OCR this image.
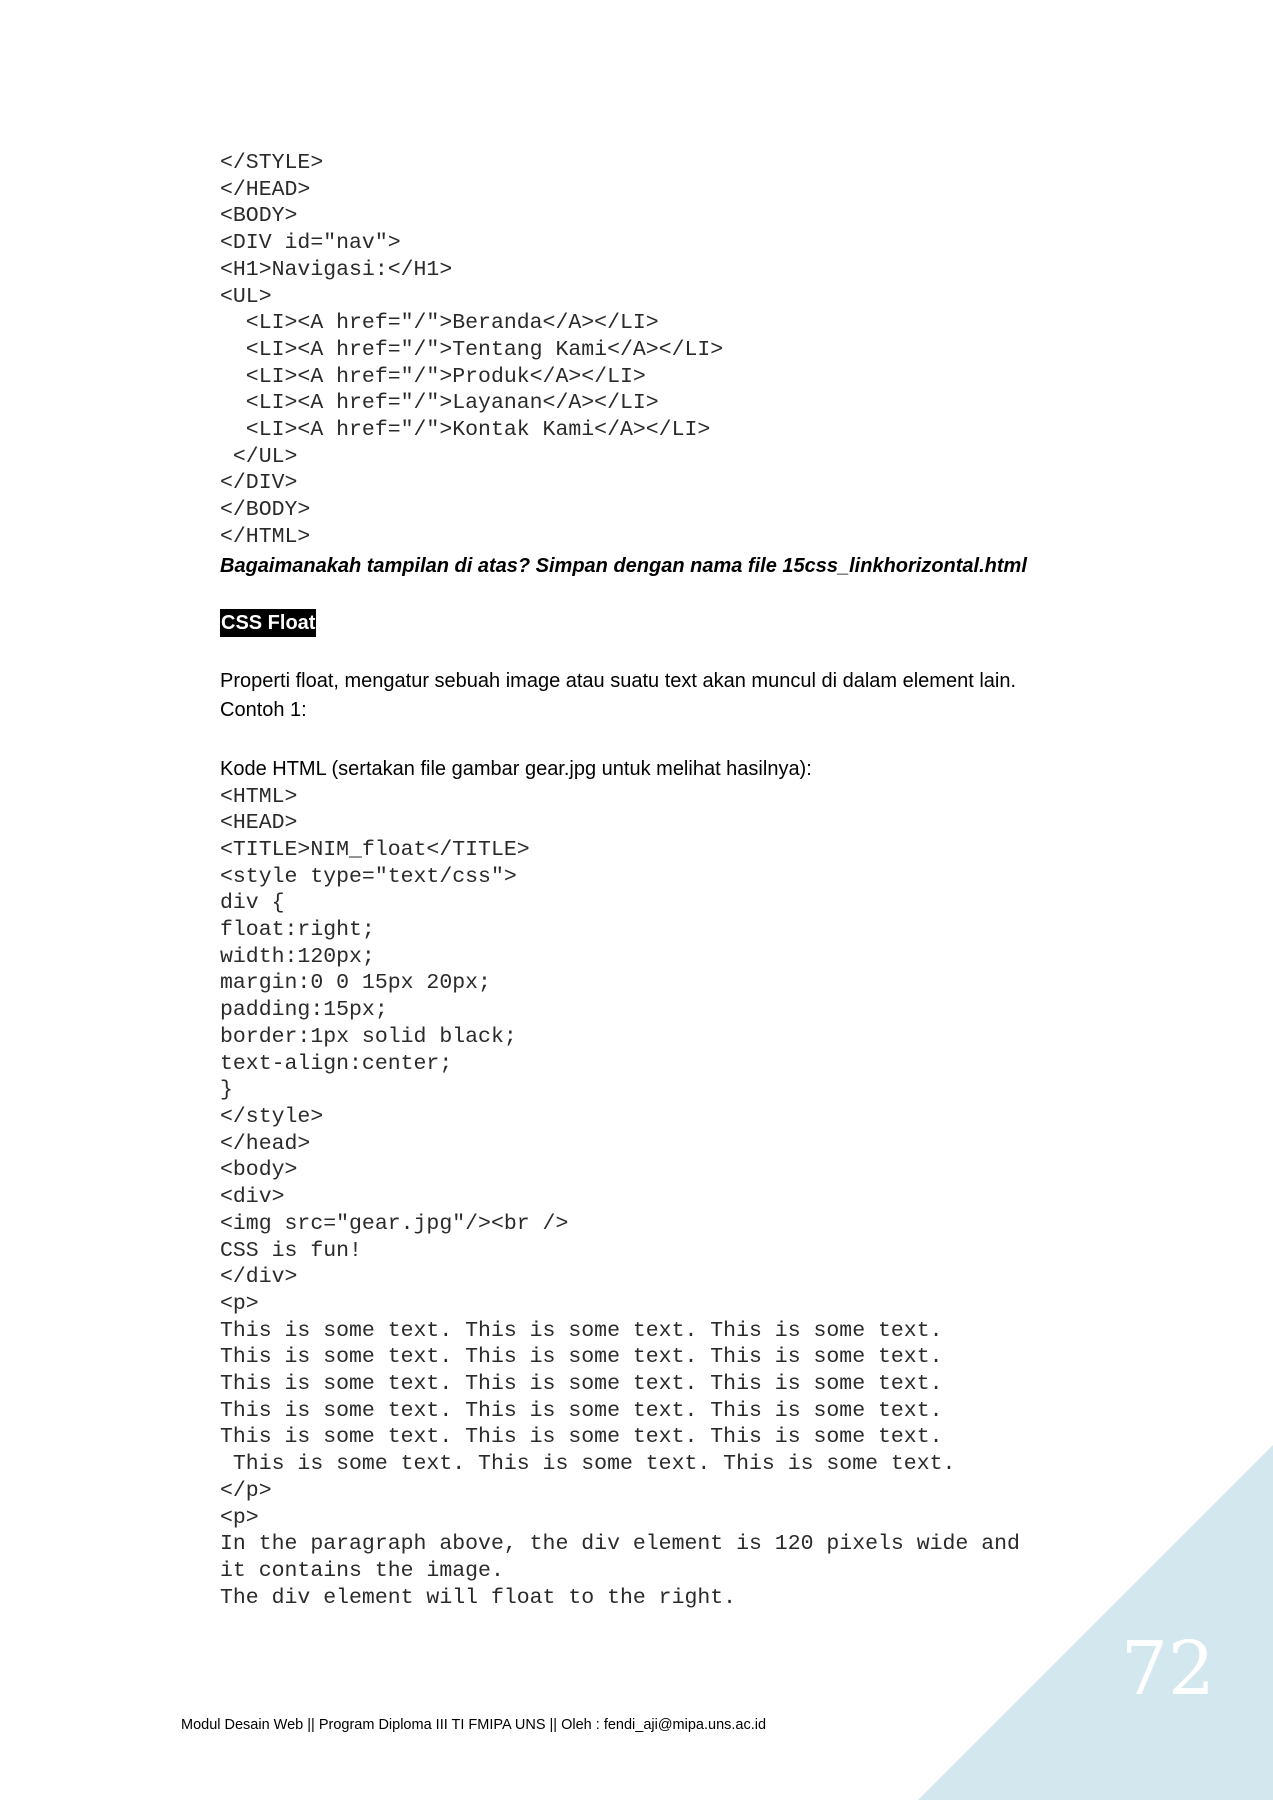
72
</STYLE>
</HEAD>
<BODY>
<DIV id="nav">
<H1>Navigasi:</H1>
<UL>
<LI><A href="/">Beranda</A></LI>
<LI><A href="/">Tentang Kami</A></LI>
<LI><A href="/">Produk</A></LI>
<LI><A href="/">Layanan</A></LI>
<LI><A href="/">Kontak Kami</A></LI>
</UL>
</DIV>
</BODY>
</HTML>
Bagaimanakah tampilan di atas? Simpan dengan nama file 15css_linkhorizontal.html
CSS Float

Properti float, mengatur sebuah image atau suatu text akan muncul di dalam element lain.

Contoh 1:

Kode HTML (sertakan file gambar gear.jpg untuk melihat hasilnya):

<HTML>
<HEAD>
<TITLE>NIM_float</TITLE>
<style type="text/css">
div {
float:right;
width:120px;
margin:0 0 15px 20px;
padding:15px;
border:1px solid black;
text-align:center;
}
</style>
</head>
<body>
<div>
<img src="gear.jpg"/><br />
CSS is fun!
</div>
<p>
This is some text. This is some text. This is some text.
This is some text. This is some text. This is some text.
This is some text. This is some text. This is some text.
This is some text. This is some text. This is some text.
This is some text. This is some text. This is some text.
This is some text. This is some text. This is some text.
</p>
<p>
In the paragraph above, the div element is 120 pixels wide and
it contains the image.
The div element will float to the right.
Modul Desain Web || Program Diploma III TI FMIPA UNS || Oleh : fendi_aji@mipa.uns.ac.id
